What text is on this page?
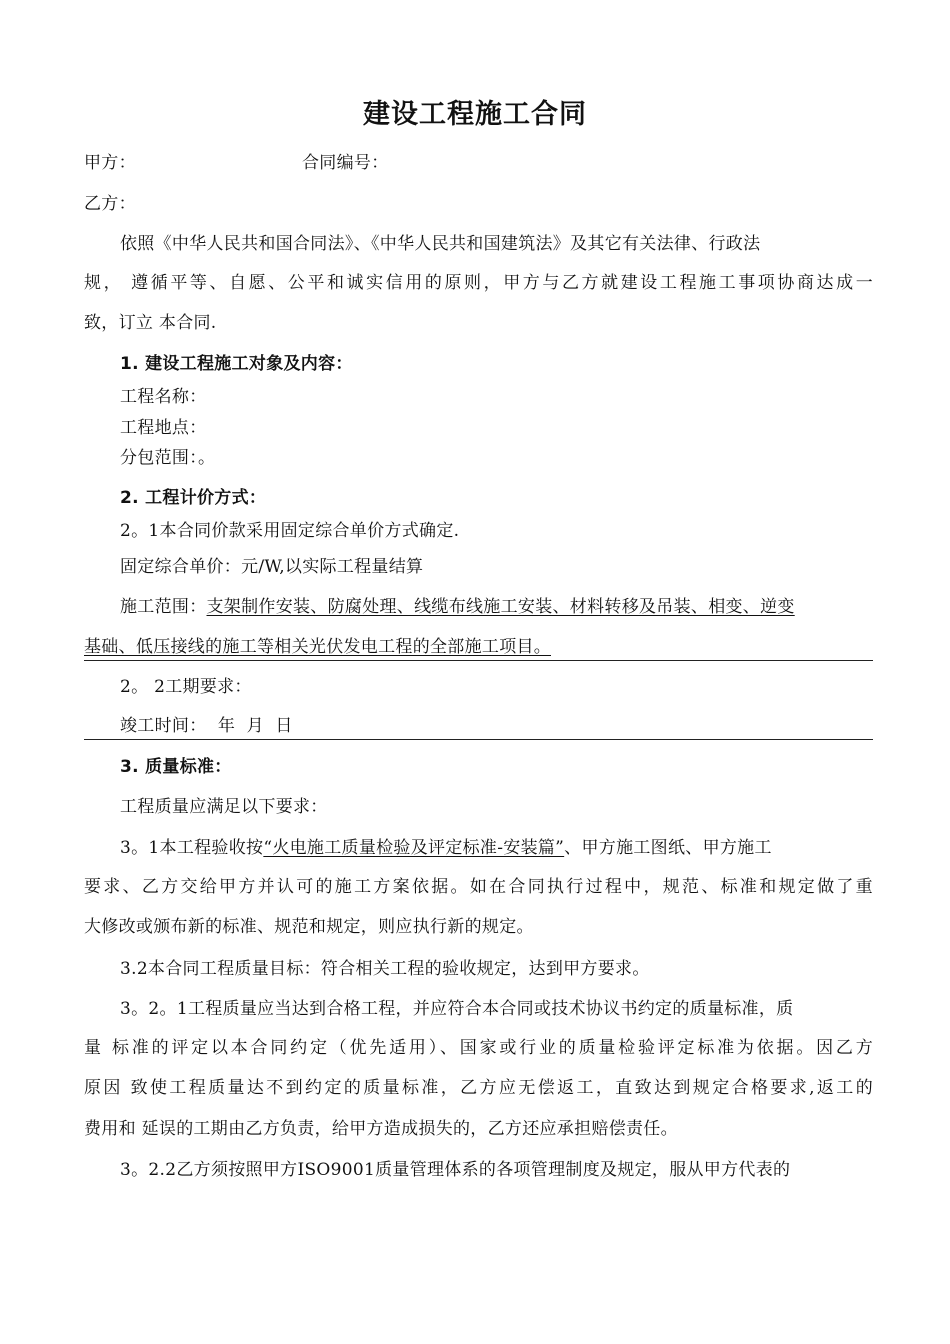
建设工程施工合同
甲方：	合同编号：
乙方：
依照《中华人民共和国合同法》、《中华人民共和国建筑法》及其它有关法律、行政法
规， 遵循平等、自愿、公平和诚实信用的原则，甲方与乙方就建设工程施工事项协商达成一
致，订立 本合同.
1. 建设工程施工对象及内容：
工程名称：
工程地点：
分包范围：。
2. 工程计价方式：
2。1本合同价款采用固定综合单价方式确定.
固定综合单价：元/W,以实际工程量结算
施工范围：支架制作安装、防腐处理、线缆布线施工安装、材料转移及吊装、相变、逆变
基础、低压接线的施工等相关光伏发电工程的全部施工项目。
2。 2工期要求：
竣工时间：  年  月  日
3. 质量标准：
工程质量应满足以下要求：
3。1本工程验收按“火电施工质量检验及评定标准-安装篇”、甲方施工图纸、甲方施工
要求、乙方交给甲方并认可的施工方案依据。如在合同执行过程中，规范、标准和规定做了重
大修改或颁布新的标准、规范和规定，则应执行新的规定。
3.2本合同工程质量目标：符合相关工程的验收规定，达到甲方要求。
3。2。1工程质量应当达到合格工程，并应符合本合同或技术协议书约定的质量标准，质
量 标准的评定以本合同约定（优先适用）、国家或行业的质量检验评定标准为依据。因乙方
原因 致使工程质量达不到约定的质量标准，乙方应无偿返工，直致达到规定合格要求,返工的
费用和 延误的工期由乙方负责，给甲方造成损失的，乙方还应承担赔偿责任。
3。2.2乙方须按照甲方ISO9001质量管理体系的各项管理制度及规定，服从甲方代表的
